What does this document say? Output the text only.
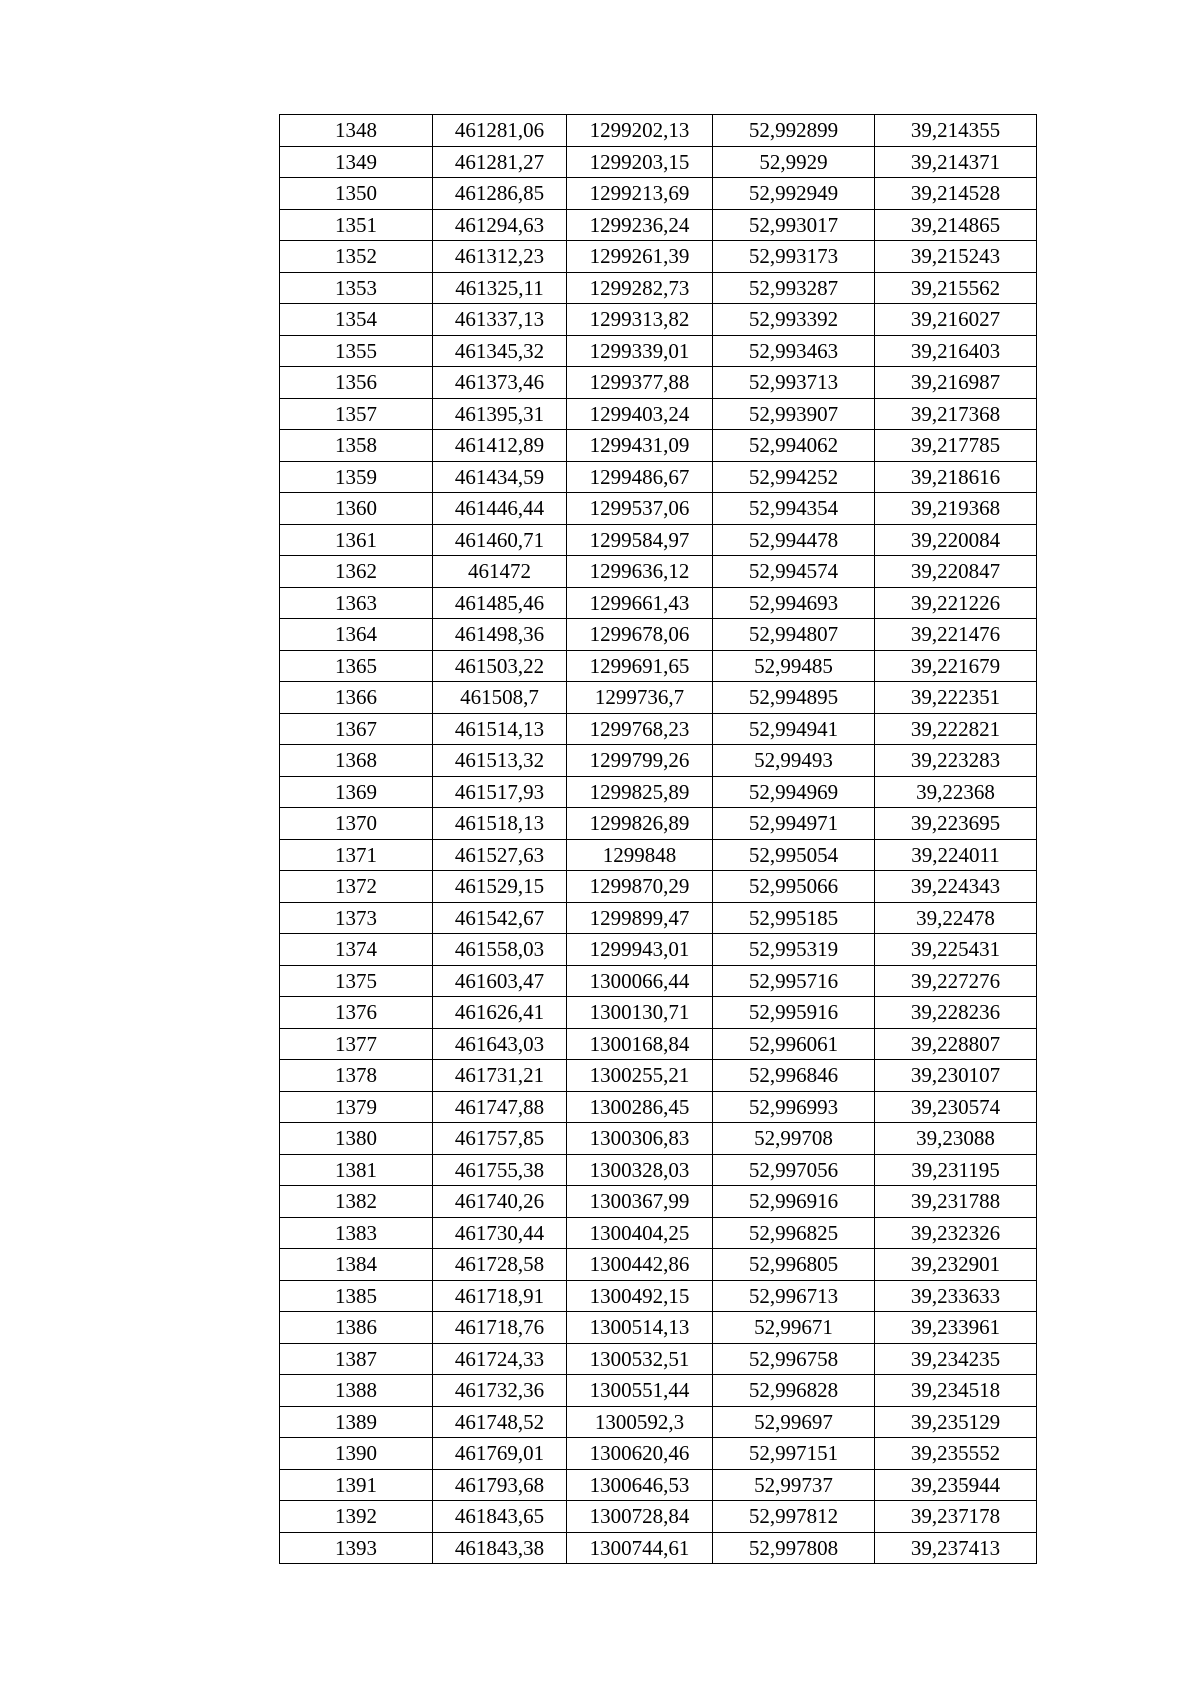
1348	461281,06	1299202,13	52,992899	39,214355
1349	461281,27	1299203,15	52,9929	39,214371
1350	461286,85	1299213,69	52,992949	39,214528
1351	461294,63	1299236,24	52,993017	39,214865
1352	461312,23	1299261,39	52,993173	39,215243
1353	461325,11	1299282,73	52,993287	39,215562
1354	461337,13	1299313,82	52,993392	39,216027
1355	461345,32	1299339,01	52,993463	39,216403
1356	461373,46	1299377,88	52,993713	39,216987
1357	461395,31	1299403,24	52,993907	39,217368
1358	461412,89	1299431,09	52,994062	39,217785
1359	461434,59	1299486,67	52,994252	39,218616
1360	461446,44	1299537,06	52,994354	39,219368
1361	461460,71	1299584,97	52,994478	39,220084
1362	461472	1299636,12	52,994574	39,220847
1363	461485,46	1299661,43	52,994693	39,221226
1364	461498,36	1299678,06	52,994807	39,221476
1365	461503,22	1299691,65	52,99485	39,221679
1366	461508,7	1299736,7	52,994895	39,222351
1367	461514,13	1299768,23	52,994941	39,222821
1368	461513,32	1299799,26	52,99493	39,223283
1369	461517,93	1299825,89	52,994969	39,22368
1370	461518,13	1299826,89	52,994971	39,223695
1371	461527,63	1299848	52,995054	39,224011
1372	461529,15	1299870,29	52,995066	39,224343
1373	461542,67	1299899,47	52,995185	39,22478
1374	461558,03	1299943,01	52,995319	39,225431
1375	461603,47	1300066,44	52,995716	39,227276
1376	461626,41	1300130,71	52,995916	39,228236
1377	461643,03	1300168,84	52,996061	39,228807
1378	461731,21	1300255,21	52,996846	39,230107
1379	461747,88	1300286,45	52,996993	39,230574
1380	461757,85	1300306,83	52,99708	39,23088
1381	461755,38	1300328,03	52,997056	39,231195
1382	461740,26	1300367,99	52,996916	39,231788
1383	461730,44	1300404,25	52,996825	39,232326
1384	461728,58	1300442,86	52,996805	39,232901
1385	461718,91	1300492,15	52,996713	39,233633
1386	461718,76	1300514,13	52,99671	39,233961
1387	461724,33	1300532,51	52,996758	39,234235
1388	461732,36	1300551,44	52,996828	39,234518
1389	461748,52	1300592,3	52,99697	39,235129
1390	461769,01	1300620,46	52,997151	39,235552
1391	461793,68	1300646,53	52,99737	39,235944
1392	461843,65	1300728,84	52,997812	39,237178
1393	461843,38	1300744,61	52,997808	39,237413
